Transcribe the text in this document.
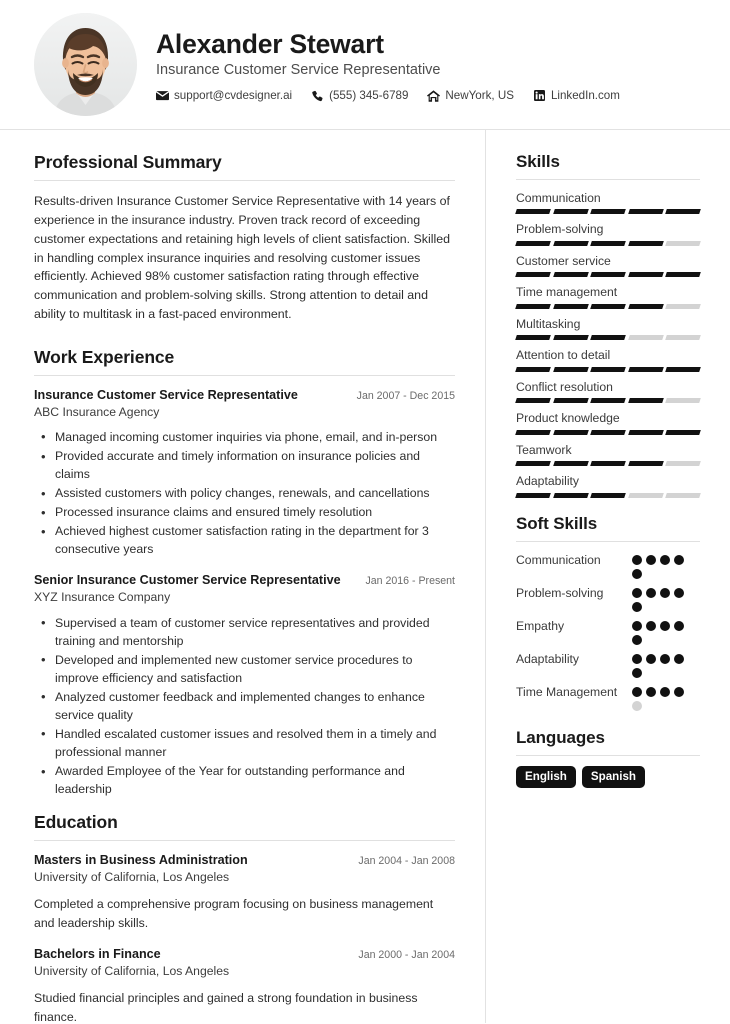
Alexander Stewart
Insurance Customer Service Representative
support@cvdesigner.ai	(555) 345-6789	NewYork, US	LinkedIn.com
Professional Summary
Results-driven Insurance Customer Service Representative with 14 years of experience in the insurance industry. Proven track record of exceeding customer expectations and retaining high levels of client satisfaction. Skilled in handling complex insurance inquiries and resolving customer issues efficiently. Achieved 98% customer satisfaction rating through effective communication and problem-solving skills. Strong attention to detail and ability to multitask in a fast-paced environment.
Work Experience
Insurance Customer Service Representative	Jan 2007 - Dec 2015
ABC Insurance Agency
• Managed incoming customer inquiries via phone, email, and in-person
• Provided accurate and timely information on insurance policies and claims
• Assisted customers with policy changes, renewals, and cancellations
• Processed insurance claims and ensured timely resolution
• Achieved highest customer satisfaction rating in the department for 3 consecutive years
Senior Insurance Customer Service Representative Jan 2016 - Present
XYZ Insurance Company
• Supervised a team of customer service representatives and provided training and mentorship
• Developed and implemented new customer service procedures to improve efficiency and satisfaction
• Analyzed customer feedback and implemented changes to enhance service quality
• Handled escalated customer issues and resolved them in a timely and professional manner
• Awarded Employee of the Year for outstanding performance and leadership
Education
Masters in Business Administration	Jan 2004 - Jan 2008
University of California, Los Angeles
Completed a comprehensive program focusing on business management and leadership skills.
Bachelors in Finance	Jan 2000 - Jan 2004
University of California, Los Angeles
Studied financial principles and gained a strong foundation in business finance.
Skills
Communication
Problem-solving
Customer service
Time management
Multitasking
Attention to detail
Conflict resolution
Product knowledge
Teamwork
Adaptability
Soft Skills
Communication
Problem-solving
Empathy
Adaptability
Time Management
Languages
English	Spanish
